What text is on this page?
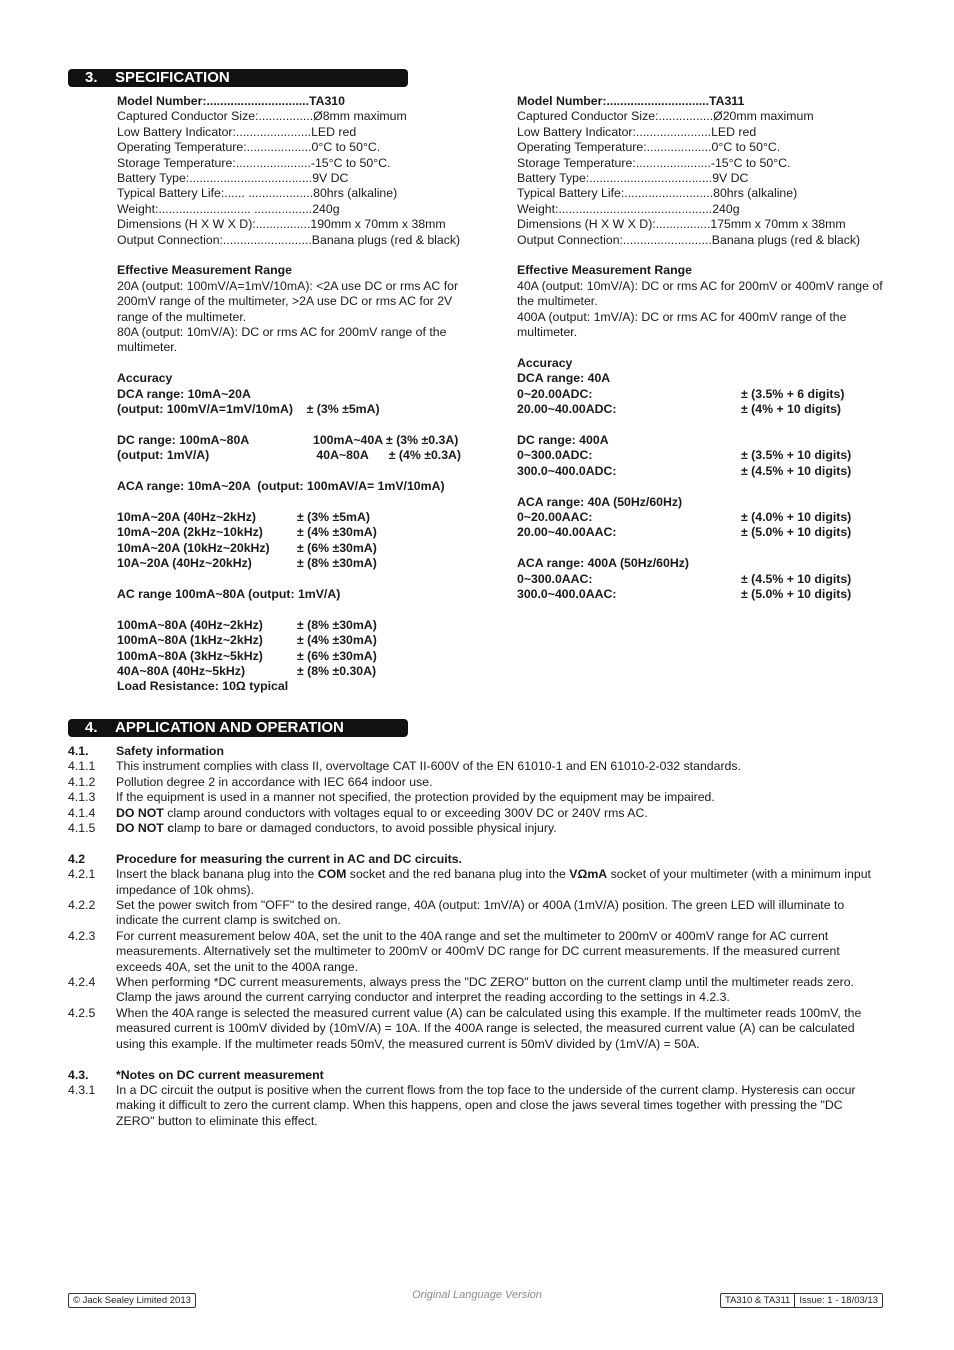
3. SPECIFICATION
Model Number:..............................TA310
Captured Conductor Size:................Ø8mm maximum
Low Battery Indicator:......................LED red
Operating Temperature:...................0°C to 50°C.
Storage Temperature:......................-15°C to 50°C.
Battery Type:....................................9V DC
Typical Battery Life:...... ...................80hrs (alkaline)
Weight:........................... .................240g
Dimensions (H X W X D):................190mm x 70mm x 38mm
Output Connection:..........................Banana plugs (red & black)
Effective Measurement Range
20A (output: 100mV/A=1mV/10mA): <2A use DC or rms AC for 200mV range of the multimeter, >2A use DC or rms AC for 2V range of the multimeter.
80A (output: 10mV/A): DC or rms AC for 200mV range of the multimeter.
Accuracy
DCA range: 10mA~20A
(output: 100mV/A=1mV/10mA)    ± (3% ±5mA)
DC range: 100mA~80A	100mA~40A ± (3% ±0.3A)
(output: 1mV/A)	40A~80A      ± (4% ±0.3A)
ACA range: 10mA~20A  (output: 100mAV/A= 1mV/10mA)
10mA~20A (40Hz~2kHz)	± (3% ±5mA)
10mA~20A (2kHz~10kHz)	± (4% ±30mA)
10mA~20A (10kHz~20kHz)	± (6% ±30mA)
10A~20A (40Hz~20kHz)	± (8% ±30mA)
AC range 100mA~80A (output: 1mV/A)
100mA~80A (40Hz~2kHz)	± (8% ±30mA)
100mA~80A (1kHz~2kHz)	± (4% ±30mA)
100mA~80A (3kHz~5kHz)	± (6% ±30mA)
40A~80A (40Hz~5kHz)	± (8% ±0.30A)
Load Resistance: 10Ω typical
Model Number:..............................TA311
Captured Conductor Size:................Ø20mm maximum
Low Battery Indicator:......................LED red
Operating Temperature:...................0°C to 50°C.
Storage Temperature:......................-15°C to 50°C.
Battery Type:....................................9V DC
Typical Battery Life:..........................80hrs (alkaline)
Weight:.............................................240g
Dimensions (H X W X D):................175mm x 70mm x 38mm
Output Connection:..........................Banana plugs (red & black)
Effective Measurement Range
40A (output: 10mV/A): DC or rms AC for 200mV or 400mV range of the multimeter.
400A (output: 1mV/A): DC or rms AC for 400mV range of the multimeter.
Accuracy
DCA range: 40A
0~20.00ADC:	± (3.5% + 6 digits)
20.00~40.00ADC:	± (4% + 10 digits)
DC range: 400A
0~300.0ADC:	± (3.5% + 10 digits)
300.0~400.0ADC:	± (4.5% + 10 digits)
ACA range: 40A (50Hz/60Hz)
0~20.00AAC:	± (4.0% + 10 digits)
20.00~40.00AAC:	± (5.0% + 10 digits)
ACA range: 400A (50Hz/60Hz)
0~300.0AAC:	± (4.5% + 10 digits)
300.0~400.0AAC:	± (5.0% + 10 digits)
4. APPLICATION AND OPERATION
4.1.	Safety information
4.1.1	This instrument complies with class II, overvoltage CAT II-600V of the EN 61010-1 and EN 61010-2-032 standards.
4.1.2	Pollution degree 2 in accordance with IEC 664 indoor use.
4.1.3	If the equipment is used in a manner not specified, the protection provided by the equipment may be impaired.
4.1.4	DO NOT clamp around conductors with voltages equal to or exceeding 300V DC or 240V rms AC.
4.1.5	DO NOT clamp to bare or damaged conductors, to avoid possible physical injury.
4.2	Procedure for measuring the current in AC and DC circuits.
4.2.1	Insert the black banana plug into the COM socket and the red banana plug into the VΩmA socket of your multimeter (with a minimum input impedance of 10k ohms).
4.2.2	Set the power switch from "OFF" to the desired range, 40A (output: 1mV/A) or 400A (1mV/A) position. The green LED will illuminate to indicate the current clamp is switched on.
4.2.3	For current measurement below 40A, set the unit to the 40A range and set the multimeter to 200mV or 400mV range for AC current measurements. Alternatively set the multimeter to 200mV or 400mV DC range for DC current measurements. If the measured current exceeds 40A, set the unit to the 400A range.
4.2.4	When performing *DC current measurements, always press the "DC ZERO" button on the current clamp until the multimeter reads zero. Clamp the jaws around the current carrying conductor and interpret the reading according to the settings in 4.2.3.
4.2.5	When the 40A range is selected the measured current value (A) can be calculated using this example. If the multimeter reads 100mV, the measured current is 100mV divided by (10mV/A) = 10A. If the 400A range is selected, the measured current value (A) can be calculated using this example. If the multimeter reads 50mV, the measured current is 50mV divided by (1mV/A) = 50A.
4.3.	*Notes on DC current measurement
4.3.1	In a DC circuit the output is positive when the current flows from the top face to the underside of the current clamp. Hysteresis can occur making it difficult to zero the current clamp. When this happens, open and close the jaws several times together with pressing the "DC ZERO" button to eliminate this effect.
© Jack Sealey Limited 2013	Original Language Version	TA310 & TA311 Issue: 1 - 18/03/13
